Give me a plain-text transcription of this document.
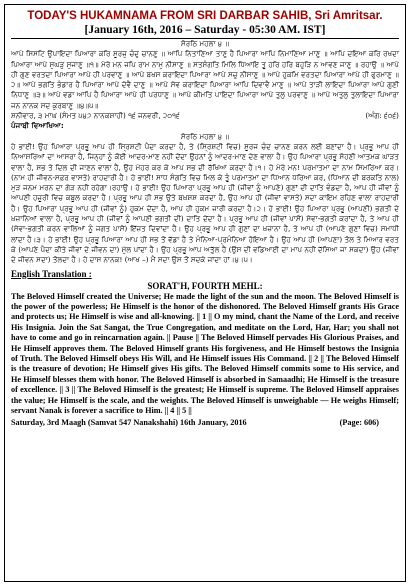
TODAY'S HUKAMNAMA FROM SRI DARBAR SAHIB, Sri Amritsar.
[January 16th, 2016 – Saturday - 05:30 AM. IST]
ਸੋਰਠਿ ਮਹਲਾ ੪ ॥
ਆਪੇ ਸਿਸਟਿ ਉਪਾਇਦਾ ਪਿਆਰਾ ਕਰਿ ਸੂਰਜੁ ਚੰਦੁ ਚਾਨਣੁ ॥ ਆਪਿ ਨਿਤਾਣਿਆ ਤਾਣੁ ਹੈ ਪਿਆਰਾ ਆਪਿ ਨਿਮਾਣਿਆ ਮਾਣੁ ॥ ਆਪਿ ਦਇਆ ਕਰਿ ਰਖਦਾ ਪਿਆਰਾ ਆਪੇ ਸੁਘੜੁ ਸੁਜਾਣੁ ॥੧॥ ਮੇਰੇ ਮਨ ਜਪਿ ਰਾਮ ਨਾਮੁ ਨੀਸਾਣੁ ॥ ਸਤਸੰਗਤਿ ਮਿਲਿ ਧਿਆਇ ਤੂ ਹਰਿ ਹਰਿ ਬਹੁੜਿ ਨ ਆਵਣ ਜਾਣੁ ॥ ਰਹਾਉ ॥ ਆਪੇ ਹੀ ਗੁਣ ਵਰਤਦਾ ਪਿਆਰਾ ਆਪੇ ਹੀ ਪਰਵਾਣੁ ॥ ਆਪੇ ਬਖਸ ਕਰਾਇਦਾ ਪਿਆਰਾ ਆਪੇ ਸਚੁ ਨੀਸਾਣੁ ॥ ਆਪੇ ਹੁਕਮਿ ਵਰਤਦਾ ਪਿਆਰਾ ਆਪੇ ਹੀ ਫੁਰਮਾਣੁ ॥੨॥ ਆਪੇ ਭਗਤਿ ਭੰਡਾਰ ਹੈ ਪਿਆਰਾ ਆਪੇ ਦੇਵੈ ਦਾਣੁ ॥ ਆਪੇ ਸੇਵ ਕਰਾਇਦਾ ਪਿਆਰਾ ਆਪਿ ਦਿਵਾਵੈ ਮਾਣੁ ॥ ਆਪੇ ਤਾੜੀ ਲਾਇਦਾ ਪਿਆਰਾ ਆਪੇ ਗੁਣੀ ਨਿਧਾਣੁ ॥੩॥ ਆਪੇ ਵਡਾ ਆਪਿ ਹੈ ਪਿਆਰਾ ਆਪੇ ਹੀ ਪਰਧਾਣੁ ॥ ਆਪੇ ਕੀਮਤਿ ਪਾਇਦਾ ਪਿਆਰਾ ਆਪੇ ਤੁਲੁ ਪਰਵਾਣੁ ॥ ਆਪੇ ਅਤੁਲੁ ਤੁਲਾਇਦਾ ਪਿਆਰਾ ਜਨ ਨਾਨਕ ਸਦ ਕੁਰਬਾਣੁ ॥੪॥੫॥
ਸ਼ਨੀਵਾਰ, ੩ ਮਾਘ (ਸੰਮਤ ੫੪੭ ਨਾਨਕਸ਼ਾਹੀ) ੧੬ ਜਨਵਰੀ, ੨੦੧੬	(ਅੰਗ: ੬੦੬)
ਪੰਜਾਬੀ ਵਿਆਖਿਆ:
ਸੋਰਠਿ ਮਹਲਾ ੪ ॥
ਹੇ ਭਾਈ! ਉਹ ਪਿਆਰਾ ਪ੍ਰਭੂ ਆਪ ਹੀ ਸ੍ਰਿਸ਼ਟੀ ਪੈਦਾ ਕਰਦਾ ਹੈ, ਤੇ (ਸ੍ਰਿਸ਼ਟੀ ਵਿਚ) ਸੂਰਜ ਚੰਦ ਚਾਨਣ ਕਰਨ ਲਈ ਬਣਾਂਦਾ ਹੈ। ਪ੍ਰਭੂ ਆਪ ਹੀ ਨਿਆਸਰਿਆਂ ਦਾ ਆਸਰਾ ਹੈ, ਜਿਨ੍ਹਾਂ ਨੂੰ ਕੋਈ ਆਦਰ-ਮਾਣ ਨਹੀਂ ਦੇਂਦਾ ਉਹਨਾਂ ਨੂੰ ਆਦਰ-ਮਾਣ ਦੇਣ ਵਾਲਾ ਹੈ। ਉਹ ਪਿਆਰਾ ਪ੍ਰਭੂ ਸੋਹਣੀ ਆਤਮਕ ਘਾੜਤ ਵਾਲਾ ਹੈ, ਸਭ ਤੇ ਦਿਲ ਦੀ ਜਾਣਨ ਵਾਲਾ ਹੈ, ਉਹ ਮੇਹਰ ਕਰ ਕੇ ਆਪ ਸਭ ਦੀ ਰੱਖਿਆ ਕਰਦਾ ਹੈ।੧। ਹੇ ਮੇਰੇ ਮਨ! ਪਰਮਾਤਮਾ ਦਾ ਨਾਮ ਸਿਮਰਿਆ ਕਰ। (ਨਾਮ ਹੀ ਜੀਵਨ-ਸਫ਼ਰ ਵਾਸਤੇ) ਰਾਹਦਾਰੀ ਹੈ। ਹੇ ਭਾਈ! ਸਾਧ ਸੰਗਤਿ ਵਿਚ ਮਿਲ ਕੇ ਤੂੰ ਪਰਮਾਤਮਾ ਦਾ ਧਿਆਨ ਧਰਿਆ ਕਰ, (ਧਿਆਨ ਦੀ ਬਰਕਤਿ ਨਾਲ) ਮੁੜ ਜਨਮ ਮਰਨ ਦਾ ਗੇੜ ਨਹੀਂ ਰਹੇਗਾ।ਰਹਾਉ। ਹੇ ਭਾਈ! ਉਹ ਪਿਆਰਾ ਪ੍ਰਭੂ ਆਪ ਹੀ (ਜੀਵਾਂ ਨੂੰ ਆਪਣੇ) ਗੁਣਾਂ ਦੀ ਦਾਤਿ ਵੰਡਦਾ ਹੈ, ਆਪ ਹੀ ਜੀਵਾਂ ਨੂੰ ਆਪਣੀ ਹਜ਼ੂਰੀ ਵਿਚ ਕਬੂਲ ਕਰਦਾ ਹੈ। ਪ੍ਰਭੂ ਆਪ ਹੀ ਸਭ ਉਤੇ ਬਖ਼ਸ਼ਸ਼ ਕਰਦਾ ਹੈ, ਉਹ ਆਪ ਹੀ (ਜੀਵਾਂ ਵਾਸਤੇ) ਸਦਾ ਕਾਇਮ ਰਹਿਣ ਵਾਲਾ ਰਾਹਦਾਰੀ ਹੈ। ਉਹ ਪਿਆਰਾ ਪ੍ਰਭੂ ਆਪ ਹੀ (ਜੀਵਾਂ ਨੂੰ) ਹੁਕਮ ਦੇਂਦਾ ਹੈ, ਆਪ ਹੀ ਹੁਕਮ ਜਾਰੀ ਕਰਦਾ ਹੈ।੨। ਹੇ ਭਾਈ! ਉਹ ਪਿਆਰਾ ਪ੍ਰਭੂ (ਆਪਣੀ) ਭਗਤੀ ਦੇ ਖ਼ਜ਼ਾਨਿਆਂ ਵਾਲਾ ਹੈ, ਪ੍ਰਭੂ ਆਪ ਹੀ (ਜੀਵਾਂ ਨੂੰ ਆਪਣੀ ਭਗਤੀ ਦੀ) ਦਾਤਿ ਦੇਂਦਾ ਹੈ। ਪ੍ਰਭੂ ਆਪ ਹੀ (ਜੀਵਾਂ ਪਾਸੋਂ) ਸੇਵਾ-ਭਗਤੀ ਕਰਾਂਦਾ ਹੈ, ਤੇ ਆਪ ਹੀ (ਸੇਵਾ-ਭਗਤੀ ਕਰਨ ਵਾਲਿਆਂ ਨੂੰ ਜਗਤ ਪਾਸੋਂ) ਇੱਜ਼ਤ ਦਿਵਾਂਦਾ ਹੈ। ਉਹ ਪ੍ਰਭੂ ਆਪ ਹੀ ਗੁਣਾਂ ਦਾ ਖ਼ਜ਼ਾਨਾ ਹੈ, ਤੇ ਆਪ ਹੀ (ਆਪਣੇ ਗੁਣਾਂ ਵਿਚ) ਸਮਾਧੀ ਲਾਂਦਾ ਹੈ।੩। ਹੇ ਭਾਈ! ਉਹ ਪ੍ਰਭੂ ਪਿਆਰਾ ਆਪ ਹੀ ਸਭ ਤੋਂ ਵੱਡਾ ਹੈ ਤੇ ਮੰਨਿਆ-ਪ੍ਰਮੰਨਿਆ ਹੋਇਆ ਹੈ। ਉਹ ਆਪ ਹੀ (ਆਪਣਾ) ਤੋਲ ਤੇ ਮਿਆਰ ਵਰਤ ਕੇ (ਆਪਣੇ ਪੈਦਾ ਕੀਤੇ ਜੀਵਾਂ ਦੇ ਜੀਵਨ ਦਾ) ਮੁੱਲ ਪਾਂਦਾ ਹੈ। ਉਹ ਪ੍ਰਭੂ ਆਪ ਅਤੁੱਲ ਹੈ (ਉਸ ਦੀ ਵਡਿਆਈ ਦਾ ਮਾਪ ਨਹੀਂ ਦੱਸਿਆ ਜਾ ਸਕਦਾ) ਉਹ (ਜੀਵਾਂ ਦੇ ਜੀਵਨ ਸਦਾ) ਤੋਲਦਾ ਹੈ। ਹੇ ਦਾਸ ਨਾਨਕ! (ਆਖ –) ਮੈਂ ਸਦਾ ਉਸ ਤੋਂ ਸਦਕੇ ਜਾਂਦਾ ਹਾਂ।੪।੫।
English Translation :
SORAT'H, FOURTH MEHL:

The Beloved Himself created the Universe; He made the light of the sun and the moon. The Beloved Himself is the power of the powerless; He Himself is the honor of the dishonored. The Beloved Himself grants His Grace and protects us; He Himself is wise and all-knowing. || 1 || O my mind, chant the Name of the Lord, and receive His Insignia. Join the Sat Sangat, the True Congregation, and meditate on the Lord, Har, Har; you shall not have to come and go in reincarnation again. || Pause || The Beloved Himself pervades His Glorious Praises, and He Himself approves them. The Beloved Himself grants His forgiveness, and He Himself bestows the Insignia of Truth. The Beloved Himself obeys His Will, and He Himself issues His Command. || 2 || The Beloved Himself is the treasure of devotion; He Himself gives His gifts. The Beloved Himself commits some to His service, and He Himself blesses them with honor. The Beloved Himself is absorbed in Samaadhi; He Himself is the treasure of excellence. || 3 || The Beloved Himself is the greatest; He Himself is supreme. The Beloved Himself appraises the value; He Himself is the scale, and the weights. The Beloved Himself is unweighable — He weighs Himself; servant Nanak is forever a sacrifice to Him. || 4 || 5 ||

Saturday, 3rd Maagh (Samvat 547 Nanakshahi) 16th January, 2016	(Page: 606)
